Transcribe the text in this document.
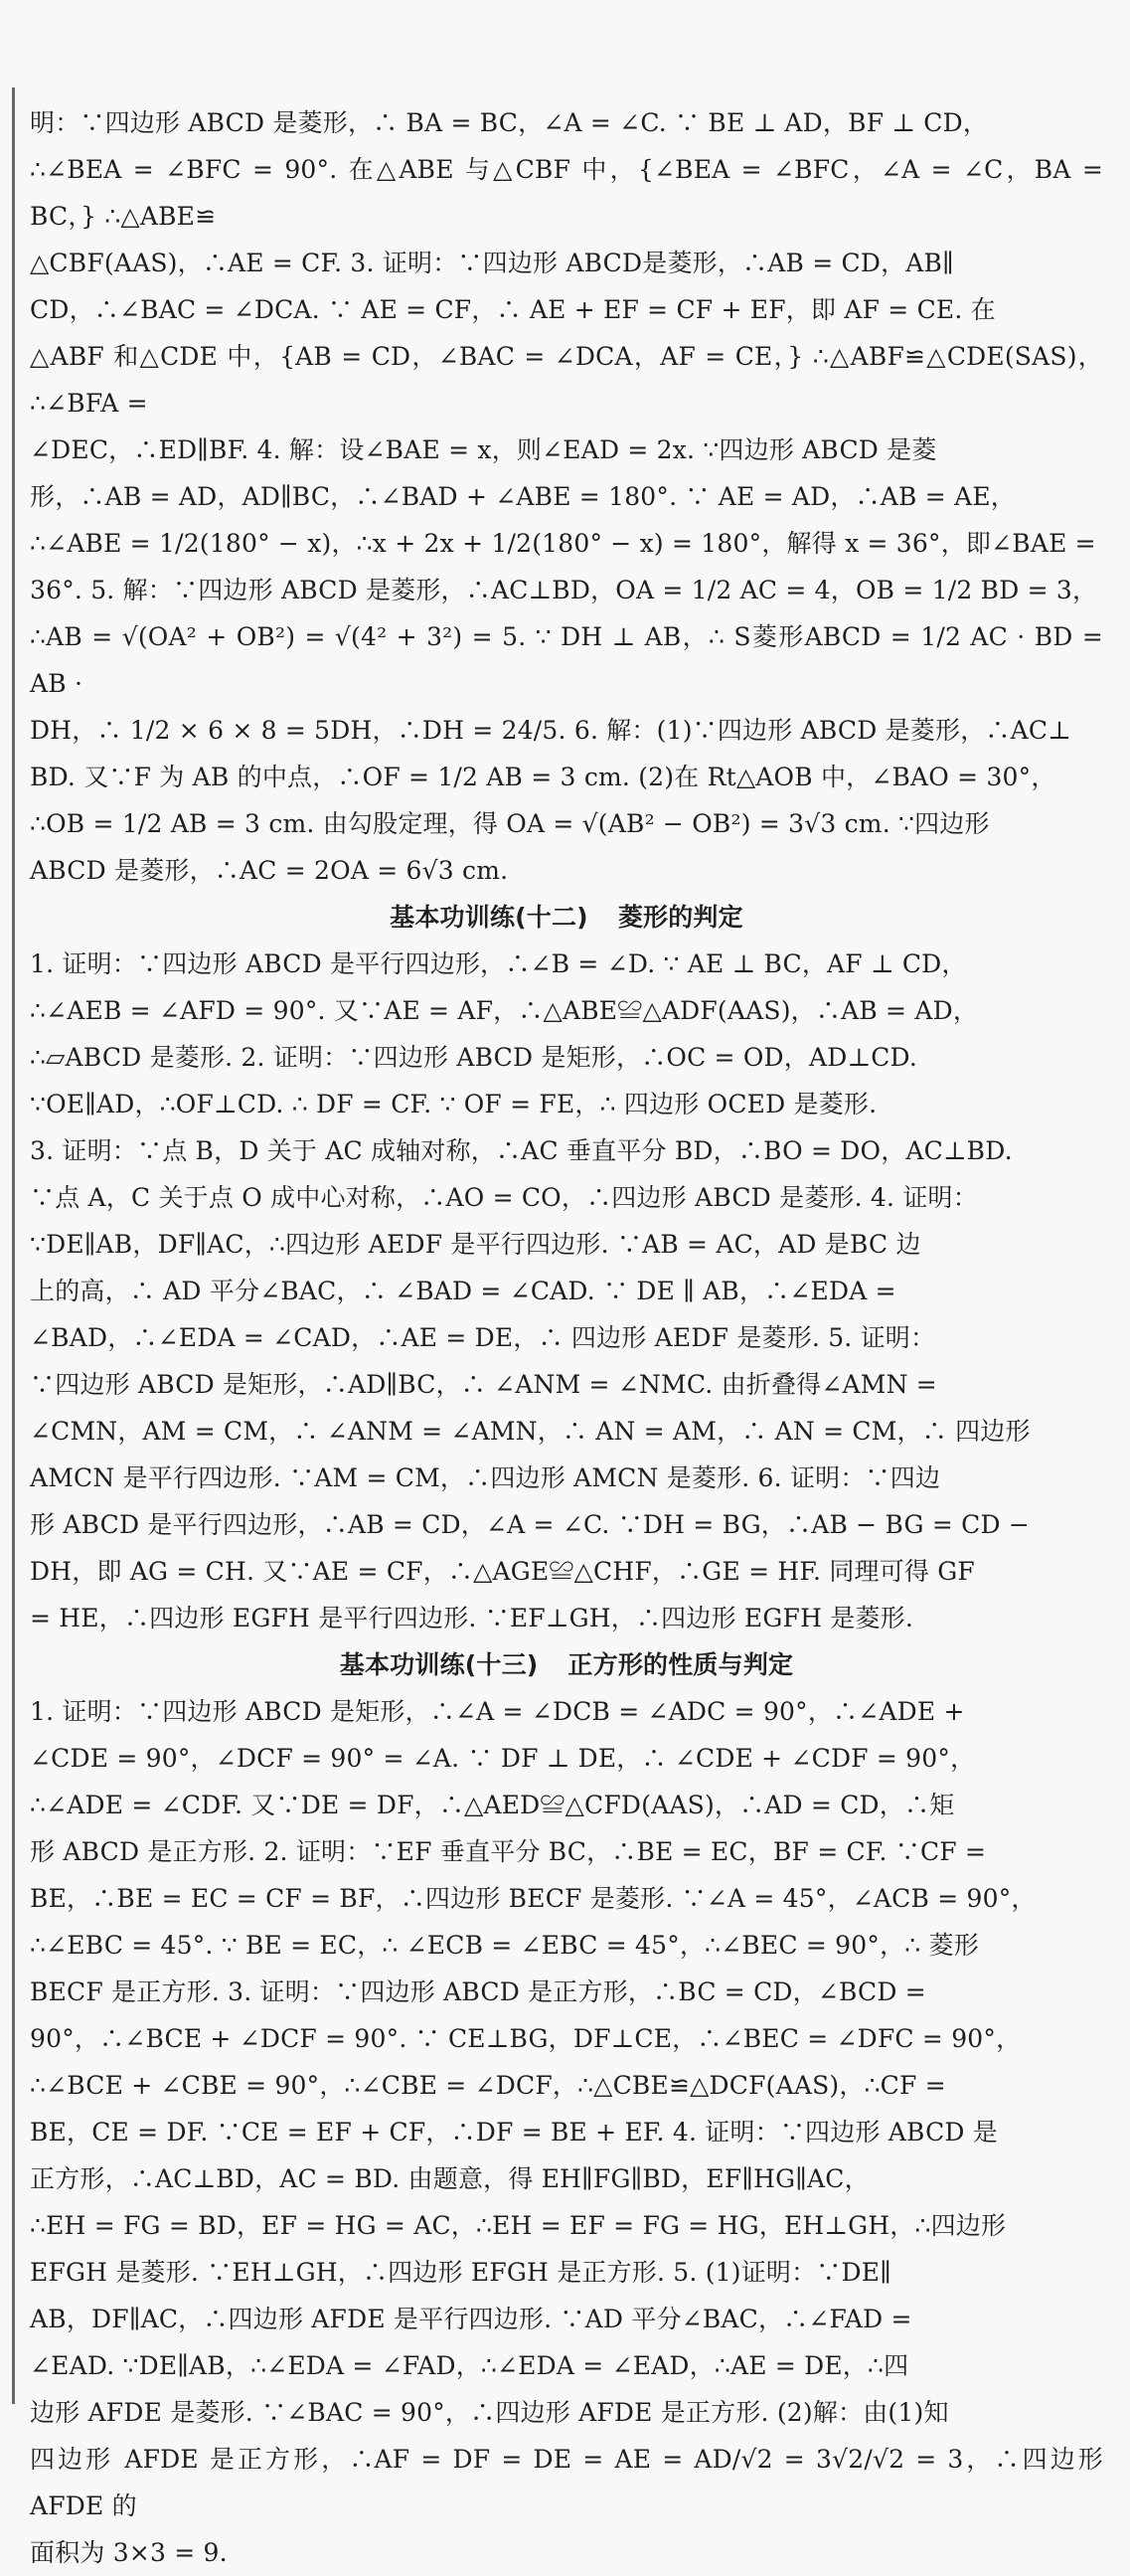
明：∵四边形 ABCD 是菱形，∴ BA = BC，∠A = ∠C. ∵ BE ⊥ AD，BF ⊥ CD，

∴∠BEA = ∠BFC = 90°. 在△ABE 与△CBF 中，{∠BEA = ∠BFC，∠A = ∠C，BA = BC，} ∴△ABE≌

△CBF(AAS)，∴AE = CF. 3. 证明：∵四边形 ABCD是菱形，∴AB = CD，AB∥

CD，∴∠BAC = ∠DCA. ∵ AE = CF，∴ AE + EF = CF + EF，即 AF = CE. 在

△ABF 和△CDE 中，{AB = CD，∠BAC = ∠DCA，AF = CE，} ∴△ABF≌△CDE(SAS)，∴∠BFA =

∠DEC，∴ED∥BF. 4. 解：设∠BAE = x，则∠EAD = 2x. ∵四边形 ABCD 是菱

形，∴AB = AD，AD∥BC，∴∠BAD + ∠ABE = 180°. ∵ AE = AD，∴AB = AE，

∴∠ABE = 1/2(180° − x)，∴x + 2x + 1/2(180° − x) = 180°，解得 x = 36°，即∠BAE =

36°. 5. 解：∵四边形 ABCD 是菱形，∴AC⊥BD，OA = 1/2 AC = 4，OB = 1/2 BD = 3，

∴AB = √(OA² + OB²) = √(4² + 3²) = 5. ∵ DH ⊥ AB，∴ S菱形ABCD = 1/2 AC · BD = AB ·

DH，∴ 1/2 × 6 × 8 = 5DH，∴DH = 24/5. 6. 解：(1)∵四边形 ABCD 是菱形，∴AC⊥

BD. 又∵F 为 AB 的中点，∴OF = 1/2 AB = 3 cm. (2)在 Rt△AOB 中，∠BAO = 30°，

∴OB = 1/2 AB = 3 cm. 由勾股定理，得 OA = √(AB² − OB²) = 3√3 cm. ∵四边形

ABCD 是菱形，∴AC = 2OA = 6√3 cm.

基本功训练(十二) 菱形的判定

1. 证明：∵四边形 ABCD 是平行四边形，∴∠B = ∠D. ∵ AE ⊥ BC，AF ⊥ CD，

∴∠AEB = ∠AFD = 90°. 又∵AE = AF，∴△ABE≌△ADF(AAS)，∴AB = AD，

∴▱ABCD 是菱形. 2. 证明：∵四边形 ABCD 是矩形，∴OC = OD，AD⊥CD.

∵OE∥AD，∴OF⊥CD. ∴ DF = CF. ∵ OF = FE，∴ 四边形 OCED 是菱形.

3. 证明：∵点 B，D 关于 AC 成轴对称，∴AC 垂直平分 BD，∴BO = DO，AC⊥BD.

∵点 A，C 关于点 O 成中心对称，∴AO = CO，∴四边形 ABCD 是菱形. 4. 证明：

∵DE∥AB，DF∥AC，∴四边形 AEDF 是平行四边形. ∵AB = AC，AD 是BC 边

上的高，∴ AD 平分∠BAC，∴ ∠BAD = ∠CAD. ∵ DE ∥ AB，∴∠EDA =

∠BAD，∴∠EDA = ∠CAD，∴AE = DE，∴ 四边形 AEDF 是菱形. 5. 证明：

∵四边形 ABCD 是矩形，∴AD∥BC，∴ ∠ANM = ∠NMC. 由折叠得∠AMN =

∠CMN，AM = CM，∴ ∠ANM = ∠AMN，∴ AN = AM，∴ AN = CM，∴ 四边形

AMCN 是平行四边形. ∵AM = CM，∴四边形 AMCN 是菱形. 6. 证明：∵四边

形 ABCD 是平行四边形，∴AB = CD，∠A = ∠C. ∵DH = BG，∴AB − BG = CD −

DH，即 AG = CH. 又∵AE = CF，∴△AGE≌△CHF，∴GE = HF. 同理可得 GF

= HE，∴四边形 EGFH 是平行四边形. ∵EF⊥GH，∴四边形 EGFH 是菱形.

基本功训练(十三) 正方形的性质与判定

1. 证明：∵四边形 ABCD 是矩形，∴∠A = ∠DCB = ∠ADC = 90°，∴∠ADE +

∠CDE = 90°，∠DCF = 90° = ∠A. ∵ DF ⊥ DE，∴ ∠CDE + ∠CDF = 90°，

∴∠ADE = ∠CDF. 又∵DE = DF，∴△AED≌△CFD(AAS)，∴AD = CD，∴矩

形 ABCD 是正方形. 2. 证明：∵EF 垂直平分 BC，∴BE = EC，BF = CF. ∵CF =

BE，∴BE = EC = CF = BF，∴四边形 BECF 是菱形. ∵∠A = 45°，∠ACB = 90°，

∴∠EBC = 45°. ∵ BE = EC，∴ ∠ECB = ∠EBC = 45°，∴∠BEC = 90°，∴ 菱形

BECF 是正方形. 3. 证明：∵四边形 ABCD 是正方形，∴BC = CD，∠BCD =

90°，∴∠BCE + ∠DCF = 90°. ∵ CE⊥BG，DF⊥CE，∴∠BEC = ∠DFC = 90°，

∴∠BCE + ∠CBE = 90°，∴∠CBE = ∠DCF，∴△CBE≌△DCF(AAS)，∴CF =

BE，CE = DF. ∵CE = EF + CF，∴DF = BE + EF. 4. 证明：∵四边形 ABCD 是

正方形，∴AC⊥BD，AC = BD. 由题意，得 EH∥FG∥BD，EF∥HG∥AC，

∴EH = FG = BD，EF = HG = AC，∴EH = EF = FG = HG，EH⊥GH，∴四边形

EFGH 是菱形. ∵EH⊥GH，∴四边形 EFGH 是正方形. 5. (1)证明：∵DE∥

AB，DF∥AC，∴四边形 AFDE 是平行四边形. ∵AD 平分∠BAC，∴∠FAD =

∠EAD. ∵DE∥AB，∴∠EDA = ∠FAD，∴∠EDA = ∠EAD，∴AE = DE，∴四

边形 AFDE 是菱形. ∵∠BAC = 90°，∴四边形 AFDE 是正方形. (2)解：由(1)知

四边形 AFDE 是正方形，∴AF = DF = DE = AE = AD/√2 = 3√2/√2 = 3，∴四边形 AFDE 的

面积为 3×3 = 9.
